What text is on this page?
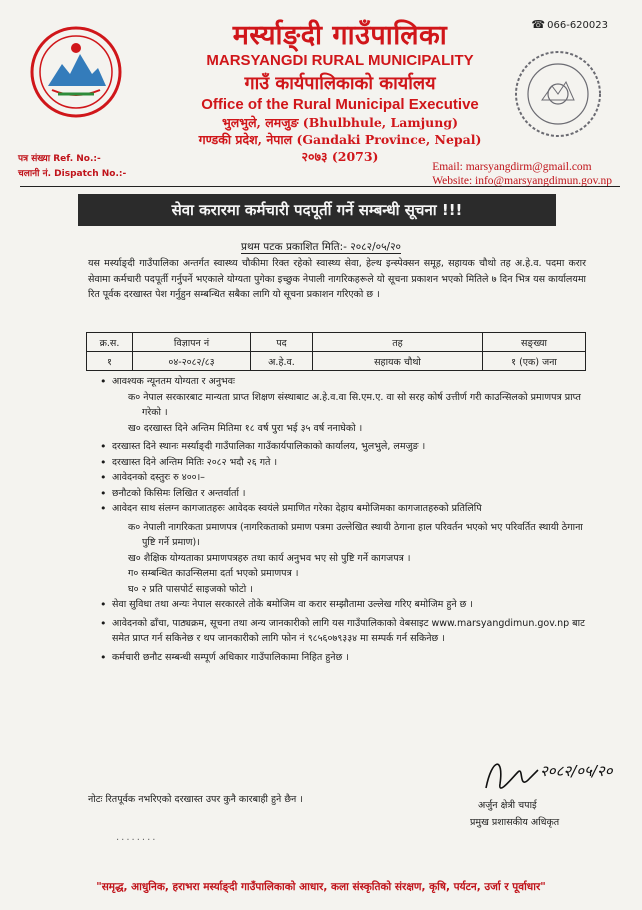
☎ 066-620023
मर्स्याङ्दी गाउँपालिका
MARSYANGDI RURAL MUNICIPALITY
गाउँ कार्यपालिकाको कार्यालय
Office of the Rural Municipal Executive
भुलभुले, लमजुङ (Bhulbhule, Lamjung)
गण्डकी प्रदेश, नेपाल (Gandaki Province, Nepal)
२०७३ (2073)
पत्र संख्या Ref. No.:-
चलानी नं. Dispatch No.:-
Email: marsyangdirm@gmail.com
Website: info@marsyangdimun.gov.np
सेवा करारमा कर्मचारी पदपूर्ती गर्ने सम्बन्धी सूचना !!!
प्रथम पटक प्रकाशित मिति:- २०८२/०५/२०
यस मर्स्याङ्दी गाउँपालिका अन्तर्गत स्वास्थ्य चौकीमा रिक्त रहेको स्वास्थ्य सेवा, हेल्थ इन्स्पेक्सन समूह, सहायक चौथो तह अ.हे.व. पदमा करार सेवामा कर्मचारी पदपूर्ती गर्नुपर्ने भएकाले योग्यता पुगेका इच्छुक नेपाली नागरिकहरूले यो सूचना प्रकाशन भएको मितिले ७ दिन भित्र यस कार्यालयमा रित पूर्वक दरखास्त पेश गर्नुहुन सम्बन्धित सबैका लागि यो सूचना प्रकाशन गरिएको छ ।
क्र.स.	विज्ञापन नं	पद	तह	सङ्ख्या
१	०४-२०८२/८३	अ.हे.व.	सहायक चौथो	१ (एक) जना
• आवश्यक न्यूनतम योग्यता र अनुभवः
क० नेपाल सरकारबाट मान्यता प्राप्त शिक्षण संस्थाबाट अ.हे.व.वा सि.एम.ए. वा सो सरह कोर्ष उत्तीर्ण गरी काउन्सिलको प्रमाणपत्र प्राप्त गरेको ।
ख० दरखास्त दिने अन्तिम मितिमा १८ वर्ष पुरा भई ३५ वर्ष ननाघेको ।
• दरखास्त दिने स्थानः मर्स्याङ्दी गाउँपालिका गाउँकार्यपालिकाको कार्यालय, भुलभुले, लमजुङ ।
• दरखास्त दिने अन्तिम मितिः २०८२ भदौ २६ गते ।
• आवेदनको दस्तुरः रु ४००।–
• छनौटको किसिमः लिखित र अन्तर्वार्ता ।
• आवेदन साथ संलग्न कागजातहरुः आवेदक स्वयंले प्रमाणित गरेका देहाय बमोजिमका कागजातहरुको प्रतिलिपि
क० नेपाली नागरिकता प्रमाणपत्र (नागरिकताको प्रमाण पत्रमा उल्लेखित स्थायी ठेगाना हाल परिवर्तन भएको भए परिवर्तित स्थायी ठेगाना पुष्टि गर्ने प्रमाण)।
ख० शैक्षिक योग्यताका प्रमाणपत्रहरु तथा कार्य अनुभव भए सो पुष्टि गर्ने कागजपत्र ।
ग० सम्बन्धित काउन्सिलमा दर्ता भएको प्रमाणपत्र ।
घ० २ प्रति पासपोर्ट साइजको फोटो ।
• सेवा सुविधा तथा अन्यः नेपाल सरकारले तोके बमोजिम वा करार सम्झौतामा उल्लेख गरिए बमोजिम हुने छ ।
• आवेदनको ढाँचा, पाठ्यक्रम, सूचना तथा अन्य जानकारीको लागि यस गाउँपालिकाको वेबसाइट www.marsyangdimun.gov.np बाट समेत प्राप्त गर्न सकिनेछ र थप जानकारीको लागि फोन नं ९८५६०७९३३४ मा सम्पर्क गर्न सकिनेछ ।
• कर्मचारी छनौट सम्बन्धी सम्पूर्ण अधिकार गाउँपालिकामा निहित हुनेछ ।
नोटः रितपूर्वक नभरिएको दरखास्त उपर कुनै कारबाही हुने छैन ।
........
२०८२/०५/२०
अर्जुन क्षेत्री चपाई
प्रमुख प्रशासकीय अधिकृत
"समृद्ध, आधुनिक, हराभरा मर्स्याङ्दी गाउँपालिकाको आधार, कला संस्कृतिको संरक्षण, कृषि, पर्यटन, उर्जा र पूर्वाधार"
